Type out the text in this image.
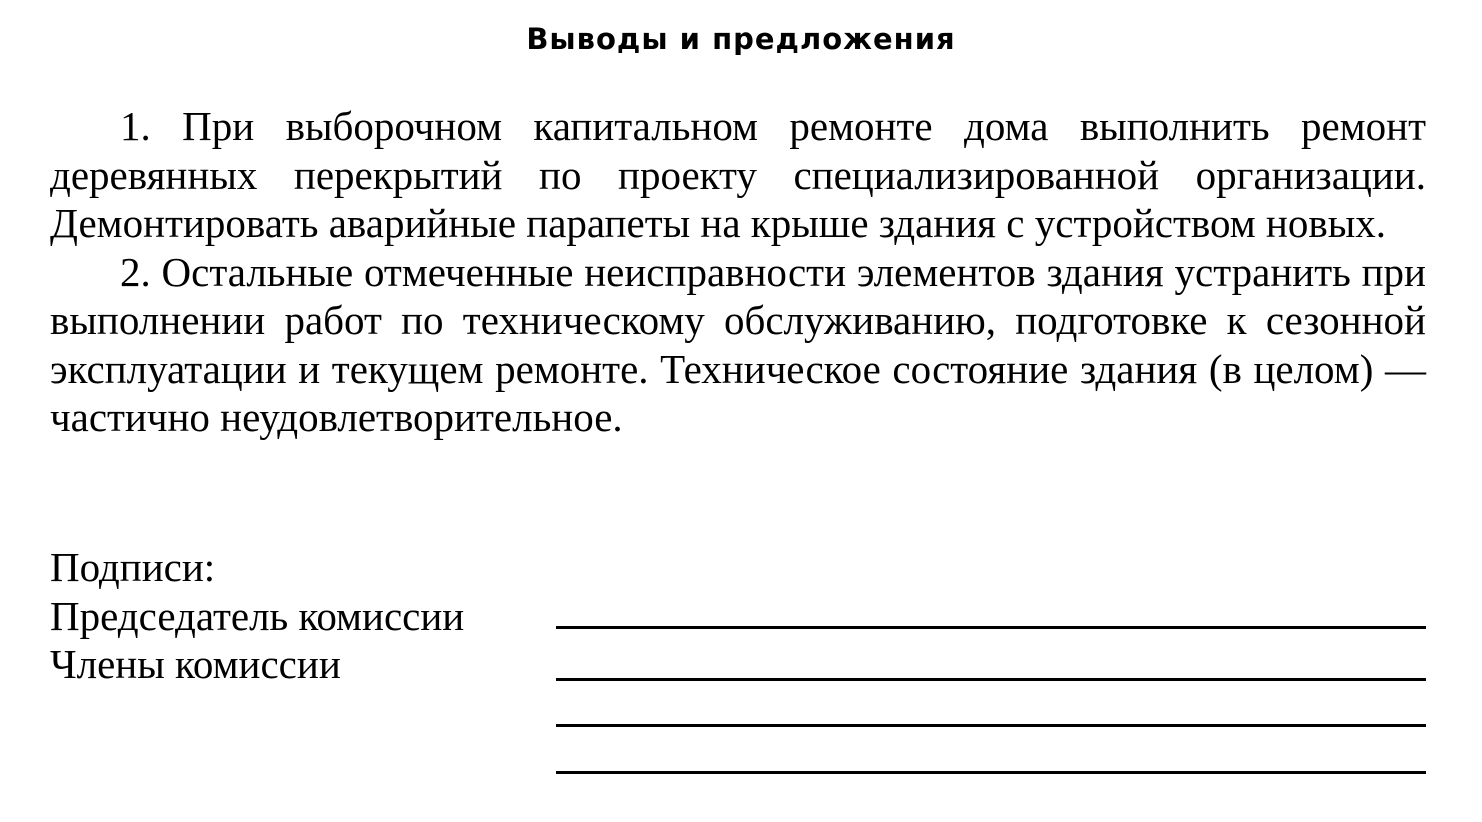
Выводы и предложения

1. При выборочном капитальном ремонте дома выполнить ремонт деревянных перекрытий по проекту специализированной организации. Демонтировать аварийные парапеты на крыше здания с устройством новых.

2. Остальные отмеченные неисправности элементов здания устранить при выполнении работ по техническому обслуживанию, подготовке к сезонной эксплуатации и текущем ремонте. Техническое состояние здания (в целом) — частично неудовлетворительное.

Подписи:

Председатель комиссии
Члены комиссии
